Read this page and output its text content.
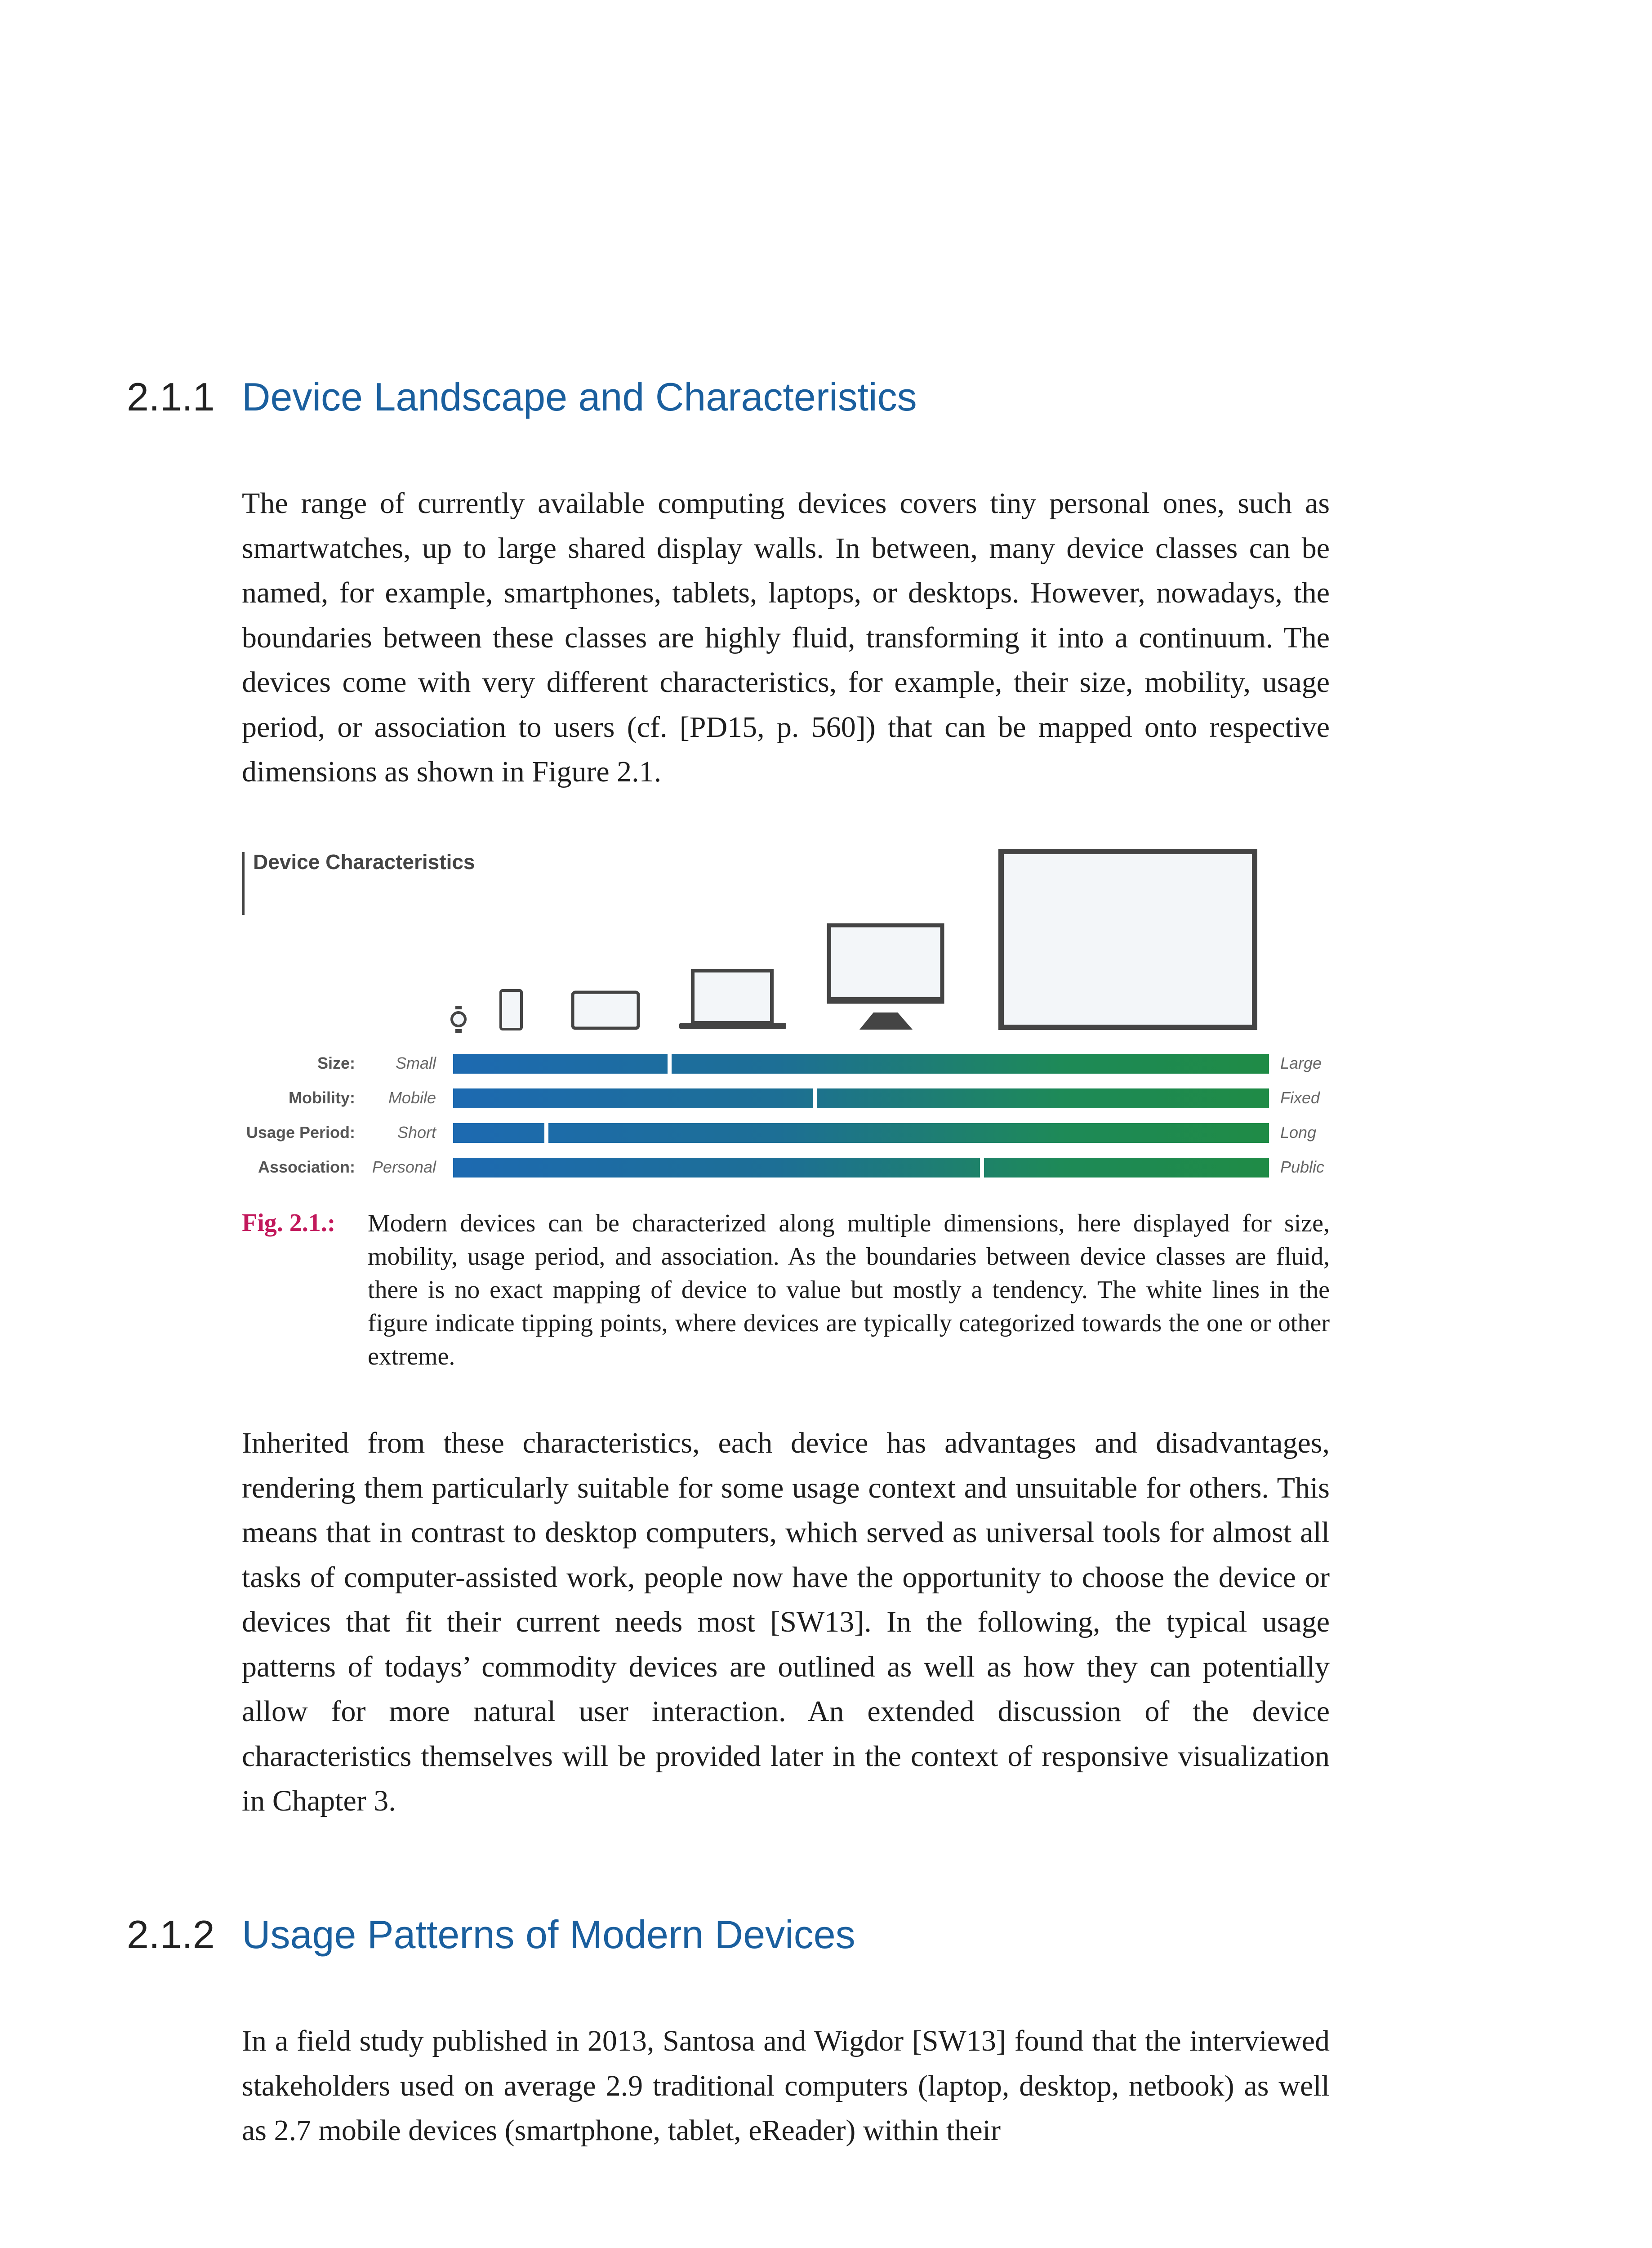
2.1.1 Device Landscape and Characteristics

The range of currently available computing devices covers tiny personal ones, such as smartwatches, up to large shared display walls. In between, many device classes can be named, for example, smartphones, tablets, laptops, or desktops. However, nowadays, the boundaries between these classes are highly fluid, transforming it into a continuum. The devices come with very different characteristics, for example, their size, mobility, usage period, or association to users (cf. [PD15, p. 560]) that can be mapped onto respective dimensions as shown in Figure 2.1.

Device Characteristics
Size:	Small	Large
Mobility:	Mobile	Fixed
Usage Period:	Short	Long
Association:	Personal	Public
Fig. 2.1.: Modern devices can be characterized along multiple dimensions, here displayed for size, mobility, usage period, and association. As the boundaries between device classes are fluid, there is no exact mapping of device to value but mostly a tendency. The white lines in the figure indicate tipping points, where devices are typically categorized towards the one or other extreme.

Inherited from these characteristics, each device has advantages and disadvantages, rendering them particularly suitable for some usage context and unsuitable for others. This means that in contrast to desktop computers, which served as universal tools for almost all tasks of computer-assisted work, people now have the opportunity to choose the device or devices that fit their current needs most [SW13]. In the following, the typical usage patterns of todays’ commodity devices are outlined as well as how they can potentially allow for more natural user interaction. An extended discussion of the device characteristics themselves will be provided later in the context of responsive visualization in Chapter 3.

2.1.2 Usage Patterns of Modern Devices

In a field study published in 2013, Santosa and Wigdor [SW13] found that the interviewed stakeholders used on average 2.9 traditional computers (laptop, desktop, netbook) as well as 2.7 mobile devices (smartphone, tablet, eReader) within their
